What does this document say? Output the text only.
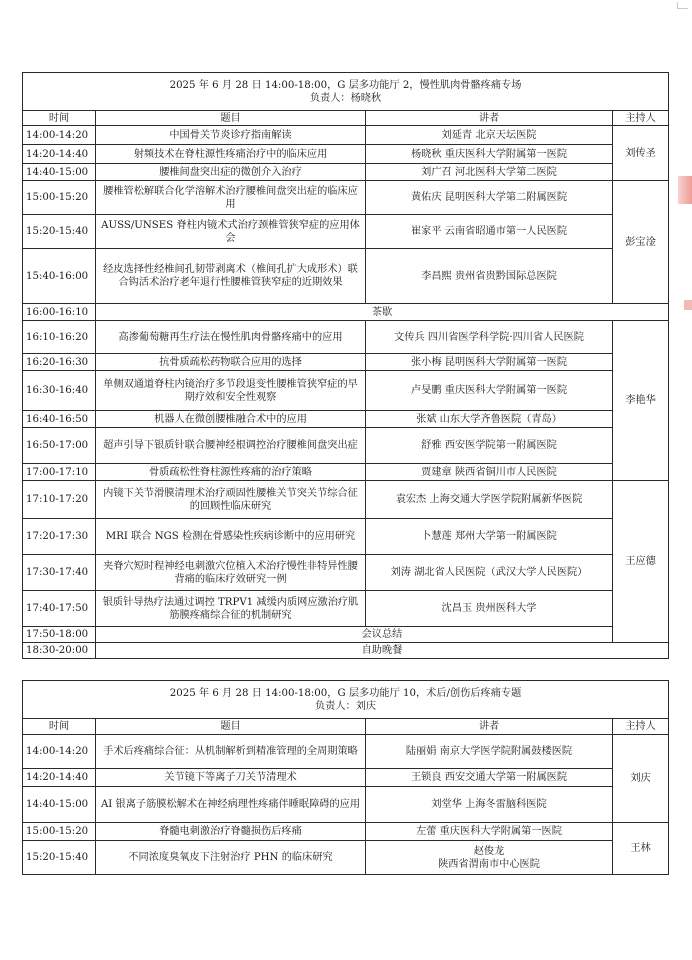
2025 年 6 月 28 日 14:00-18:00，G 层多功能厅 2，慢性肌肉骨骼疼痛专场
负责人：杨晓秋			

时间	题目	讲者	主持人
14:00-14:20	中国骨关节炎诊疗指南解读	刘延青 北京天坛医院	刘传圣
14:20-14:40	射频技术在脊柱源性疼痛治疗中的临床应用	杨晓秋 重庆医科大学附属第一医院	
14:40-15:00	腰椎间盘突出症的微创介入治疗	刘广召 河北医科大学第二医院	
15:00-15:20	腰椎管松解联合化学溶解术治疗腰椎间盘突出症的临床应用	黄佑庆 昆明医科大学第二附属医院	彭宝淦
15:20-15:40	AUSS/UNSES 脊柱内镜术式治疗颈椎管狭窄症的应用体会	崔家平 云南省昭通市第一人民医院	
15:40-16:00	经皮选择性经椎间孔韧带剥离术（椎间孔扩大成形术）联合钩活术治疗老年退行性腰椎管狭窄症的近期效果	李昌熙 贵州省贵黔国际总医院	
16:00-16:10	茶歇		
16:10-16:20	高渗葡萄糖再生疗法在慢性肌肉骨骼疼痛中的应用	文传兵 四川省医学科学院·四川省人民医院	李艳华
16:20-16:30	抗骨质疏松药物联合应用的选择	张小梅 昆明医科大学附属第一医院	
16:30-16:40	单侧双通道脊柱内镜治疗多节段退变性腰椎管狭窄症的早期疗效和安全性观察	卢旻鹏 重庆医科大学附属第一医院	
16:40-16:50	机器人在微创腰椎融合术中的应用	张斌 山东大学齐鲁医院（青岛）	
16:50-17:00	超声引导下银质针联合腰神经根调控治疗腰椎间盘突出症	舒雅 西安医学院第一附属医院	
17:00-17:10	骨质疏松性脊柱源性疼痛的治疗策略	贾建章 陕西省铜川市人民医院	
17:10-17:20	内镜下关节滑膜清理术治疗顽固性腰椎关节突关节综合征的回顾性临床研究	袁宏杰 上海交通大学医学院附属新华医院	王应德
17:20-17:30	MRI 联合 NGS 检测在骨感染性疾病诊断中的应用研究	卜慧莲 郑州大学第一附属医院	
17:30-17:40	夹脊穴短时程神经电刺激穴位植入术治疗慢性非特异性腰背痛的临床疗效研究一例	刘涛 湖北省人民医院（武汉大学人民医院）	
17:40-17:50	银质针导热疗法通过调控 TRPV1 减缓内质网应激治疗肌筋膜疼痛综合征的机制研究	沈昌玉 贵州医科大学	
17:50-18:00	会议总结		
18:30-20:00	自助晚餐		
2025 年 6 月 28 日 14:00-18:00，G 层多功能厅 10，术后/创伤后疼痛专题
负责人：刘庆			

时间	题目	讲者	主持人
14:00-14:20	手术后疼痛综合征：从机制解析到精准管理的全周期策略	陆丽娟 南京大学医学院附属鼓楼医院	刘庆
14:20-14:40	关节镜下等离子刀关节清理术	王锁良 西安交通大学第一附属医院	
14:40-15:00	AI 银离子筋膜松解术在神经病理性疼痛伴睡眠障碍的应用	刘堂华 上海冬雷脑科医院	
15:00-15:20	脊髓电刺激治疗脊髓损伤后疼痛	左蕾 重庆医科大学附属第一医院	王林
15:20-15:40	不同浓度臭氧皮下注射治疗 PHN 的临床研究	赵俊龙
陕西省渭南市中心医院	
